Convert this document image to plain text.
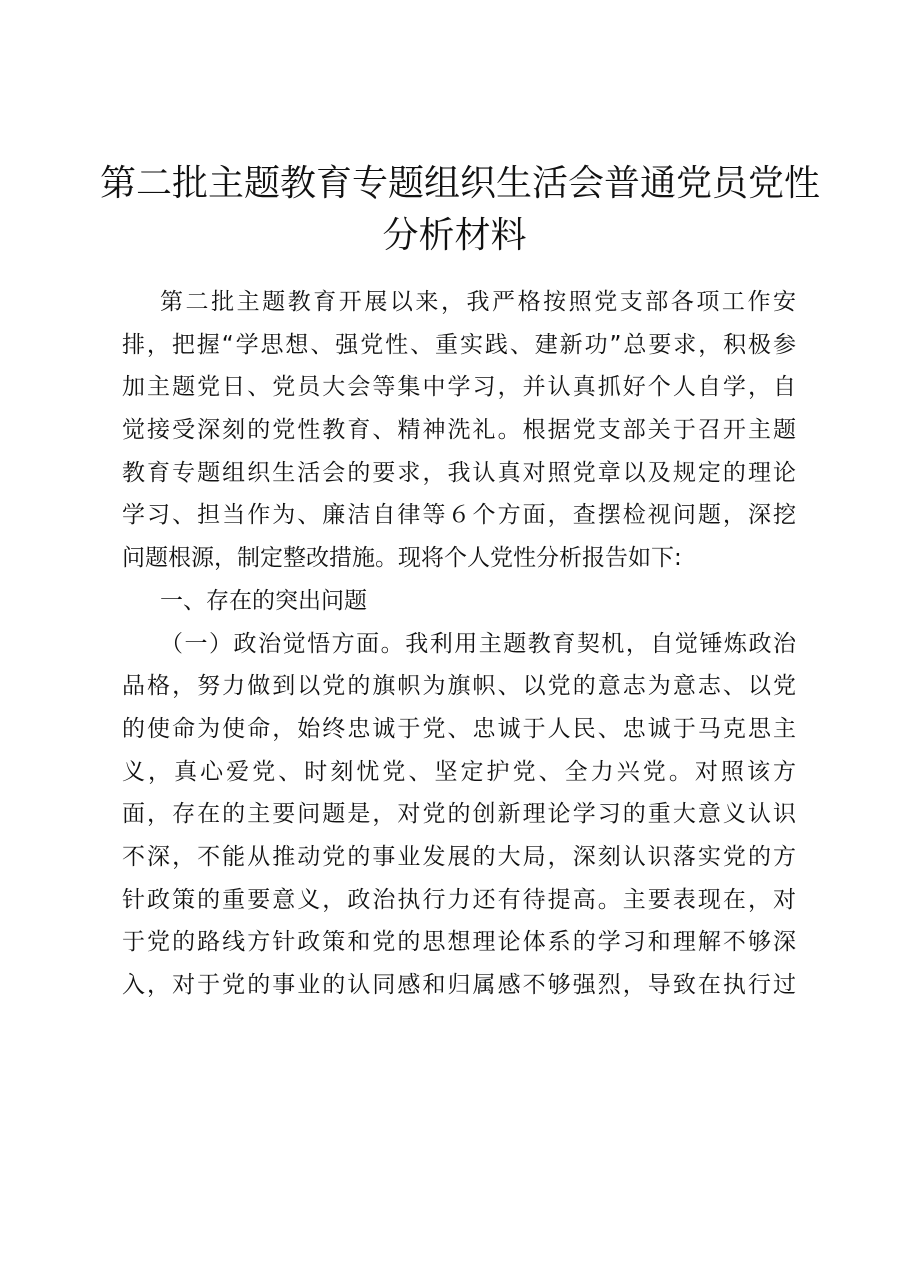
第二批主题教育专题组织生活会普通党员党性
分析材料
第二批主题教育开展以来，我严格按照党支部各项工作安
排，把握“学思想、强党性、重实践、建新功”总要求，积极参
加主题党日、党员大会等集中学习，并认真抓好个人自学，自
觉接受深刻的党性教育、精神洗礼。根据党支部关于召开主题
教育专题组织生活会的要求，我认真对照党章以及规定的理论
学习、担当作为、廉洁自律等６个方面，查摆检视问题，深挖
问题根源，制定整改措施。现将个人党性分析报告如下:
一、存在的突出问题
（一）政治觉悟方面。我利用主题教育契机，自觉锤炼政治
品格，努力做到以党的旗帜为旗帜、以党的意志为意志、以党
的使命为使命，始终忠诚于党、忠诚于人民、忠诚于马克思主
义，真心爱党、时刻忧党、坚定护党、全力兴党。对照该方
面，存在的主要问题是，对党的创新理论学习的重大意义认识
不深，不能从推动党的事业发展的大局，深刻认识落实党的方
针政策的重要意义，政治执行力还有待提高。主要表现在，对
于党的路线方针政策和党的思想理论体系的学习和理解不够深
入，对于党的事业的认同感和归属感不够强烈，导致在执行过
